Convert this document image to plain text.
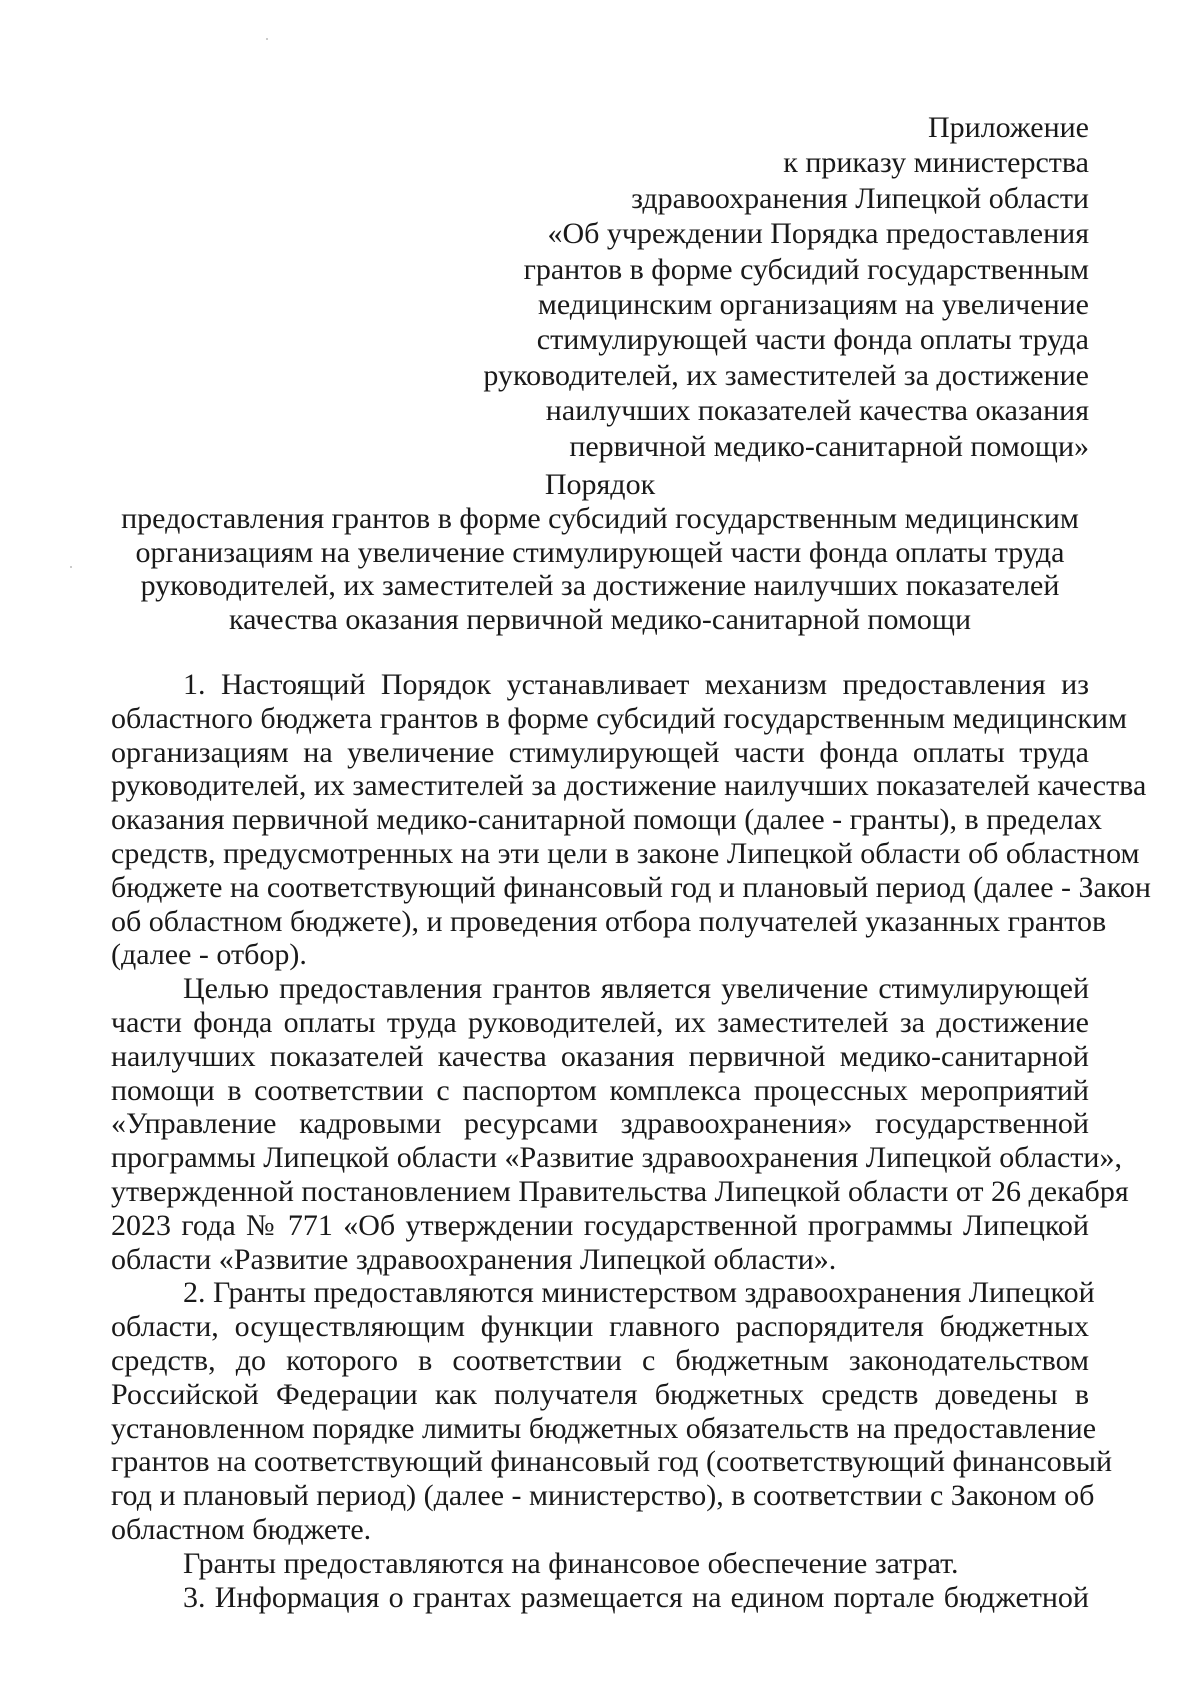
Приложение
к приказу министерства
здравоохранения Липецкой области
«Об учреждении Порядка предоставления
грантов в форме субсидий государственным
медицинским организациям на увеличение
стимулирующей части фонда оплаты труда
руководителей, их заместителей за достижение
наилучших показателей качества оказания
первичной медико-санитарной помощи»
Порядок
предоставления грантов в форме субсидий государственным медицинским
организациям на увеличение стимулирующей части фонда оплаты труда
руководителей, их заместителей за достижение наилучших показателей
качества оказания первичной медико-санитарной помощи
1. Настоящий Порядок устанавливает механизм предоставления из
областного бюджета грантов в форме субсидий государственным медицинским
организациям на увеличение стимулирующей части фонда оплаты труда
руководителей, их заместителей за достижение наилучших показателей качества
оказания первичной медико-санитарной помощи (далее - гранты), в пределах
средств, предусмотренных на эти цели в законе Липецкой области об областном
бюджете на соответствующий финансовый год и плановый период (далее - Закон
об областном бюджете), и проведения отбора получателей указанных грантов
(далее - отбор).
Целью предоставления грантов является увеличение стимулирующей
части фонда оплаты труда руководителей, их заместителей за достижение
наилучших показателей качества оказания первичной медико-санитарной
помощи в соответствии с паспортом комплекса процессных мероприятий
«Управление кадровыми ресурсами здравоохранения» государственной
программы Липецкой области «Развитие здравоохранения Липецкой области»,
утвержденной постановлением Правительства Липецкой области от 26 декабря
2023 года № 771 «Об утверждении государственной программы Липецкой
области «Развитие здравоохранения Липецкой области».
2. Гранты предоставляются министерством здравоохранения Липецкой
области, осуществляющим функции главного распорядителя бюджетных
средств, до которого в соответствии с бюджетным законодательством
Российской Федерации как получателя бюджетных средств доведены в
установленном порядке лимиты бюджетных обязательств на предоставление
грантов на соответствующий финансовый год (соответствующий финансовый
год и плановый период) (далее - министерство), в соответствии с Законом об
областном бюджете.
Гранты предоставляются на финансовое обеспечение затрат.
3. Информация о грантах размещается на едином портале бюджетной
